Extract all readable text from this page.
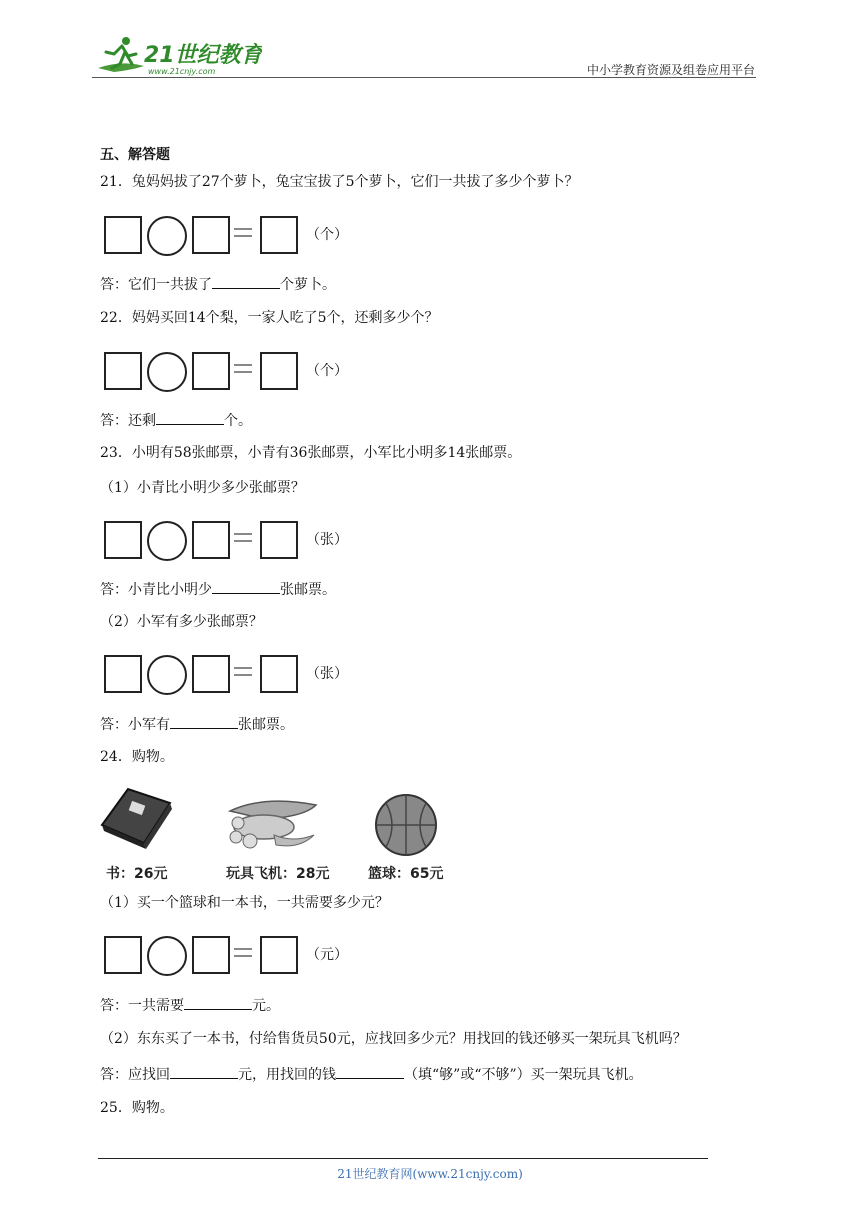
21世纪教育
www.21cnjy.com	中小学教育资源及组卷应用平台
五、解答题
21．兔妈妈拔了27个萝卜，兔宝宝拔了5个萝卜，它们一共拔了多少个萝卜？
（个）
答：它们一共拔了	个萝卜。
22．妈妈买回14个梨，一家人吃了5个，还剩多少个？
（个）
答：还剩	个。
23．小明有58张邮票，小青有36张邮票，小军比小明多14张邮票。
（1）小青比小明少多少张邮票？
（张）
答：小青比小明少	张邮票。
（2）小军有多少张邮票？
（张）
答：小军有	张邮票。
24．购物。
书：26元	玩具飞机：28元	篮球：65元
（1）买一个篮球和一本书，一共需要多少元？
（元）
答：一共需要	元。
（2）东东买了一本书，付给售货员50元，应找回多少元？用找回的钱还够买一架玩具飞机吗？
答：应找回	元，用找回的钱	（填“够”或“不够”）买一架玩具飞机。
25．购物。
21世纪教育网(www.21cnjy.com)
